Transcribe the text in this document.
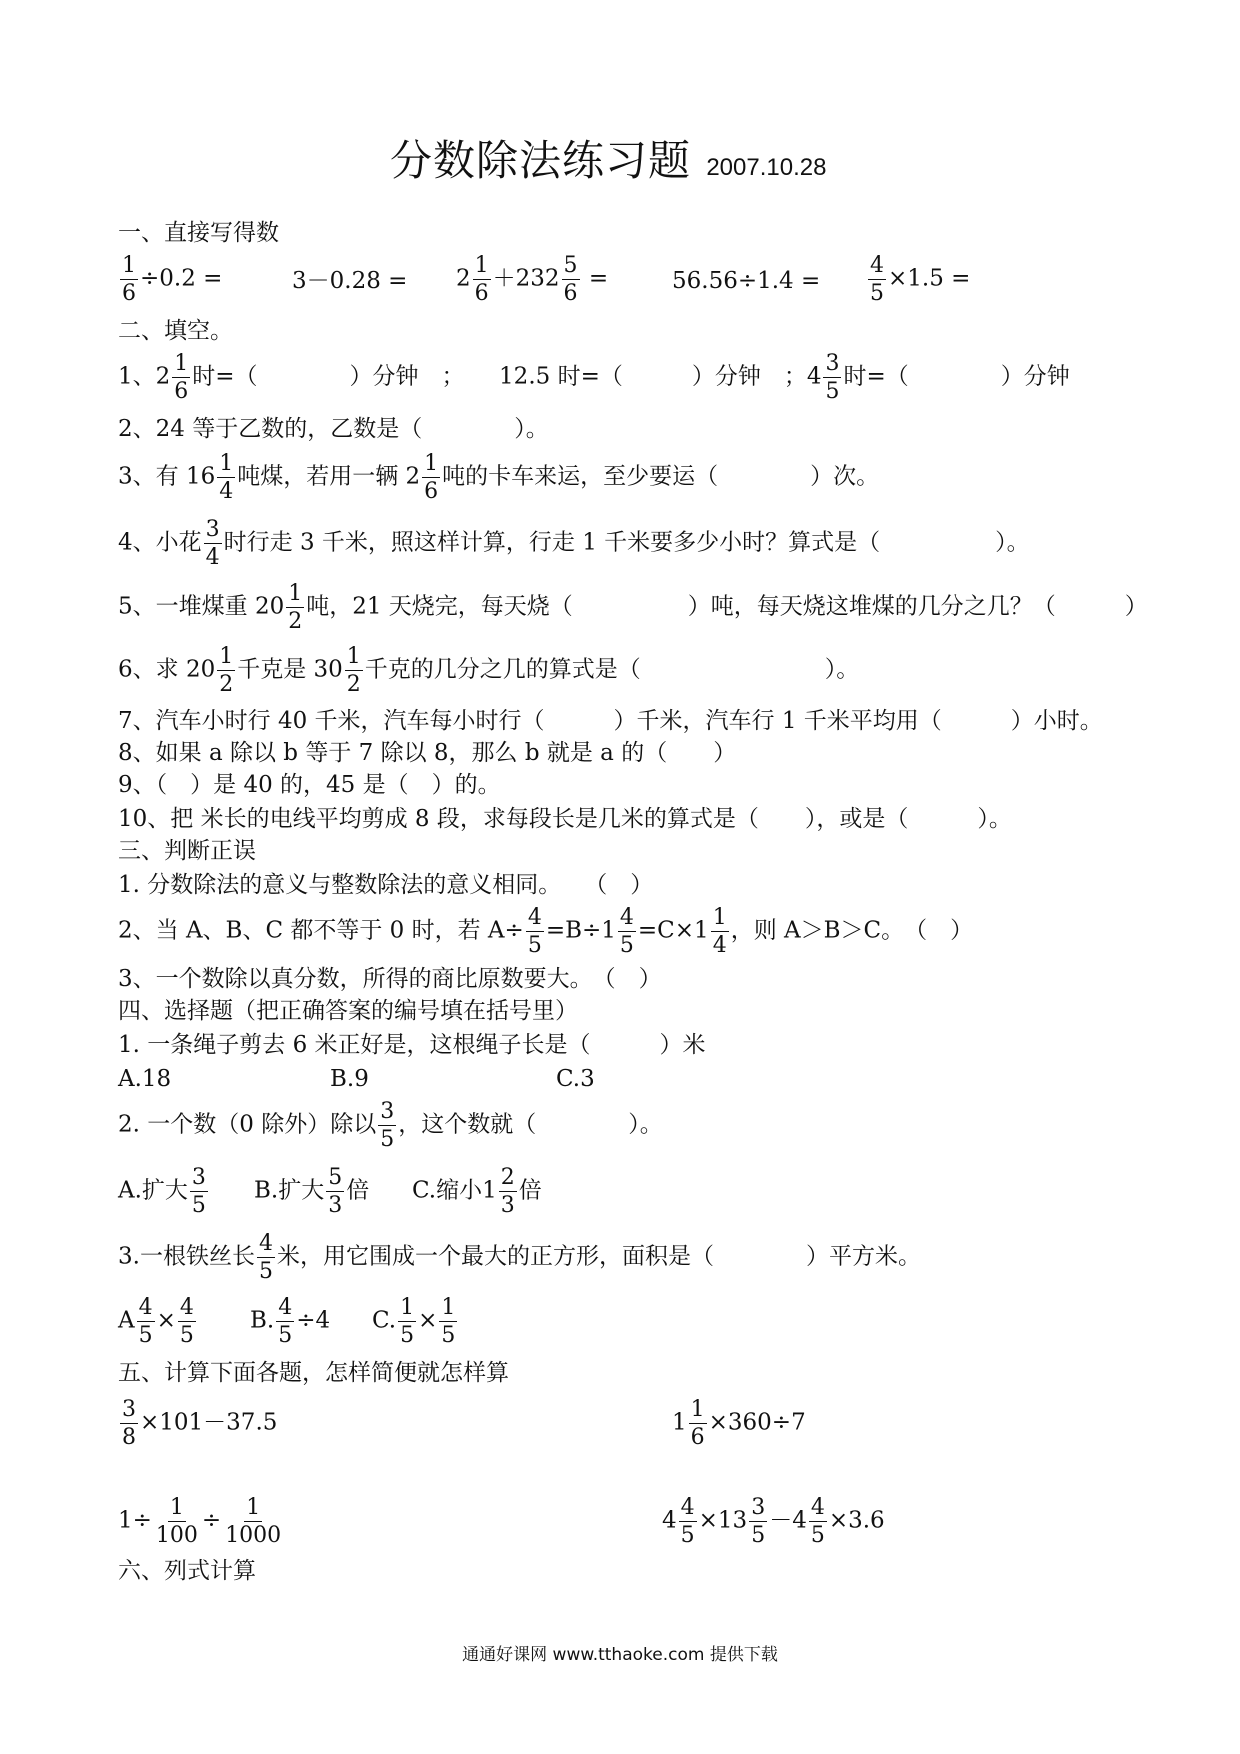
分数除法练习题 2007.10.28
一、直接写得数
$\frac{1}{6} \div 0.2$ =	$3-0.28 = 2 \frac{1}{6} +232 \frac{5}{6}$ =	$56.56\div 1.4 = \frac{4}{5} \times 1.5$ =
二、填空。
1、$2 \frac{1}{6}$ 时=（　　　　）分钟　；　　12.5 时=（　　　）分钟　；$4 \frac{3}{5}$ 时=（　　　　）分钟
2、24 等于乙数的，乙数是（　　　　）。
3、有 $16 \frac{1}{4}$ 吨煤，若用一辆 $2 \frac{1}{6}$ 吨的卡车来运，至少要运（　　　　）次。
4、小花 $\frac{3}{4}$ 时行走 3 千米，照这样计算，行走 1 千米要多少小时？算式是（　　　　　）。
5、一堆煤重 $20 \frac{1}{2}$ 吨，21 天烧完，每天烧（　　　　　）吨，每天烧这堆煤的几分之几？（　　　）
6、求 $20 \frac{1}{2}$ 千克是 $30 \frac{1}{2}$ 千克的几分之几的算式是（　　　　　　　　）。
7、汽车小时行 40 千米，汽车每小时行（　　　）千米，汽车行 1 千米平均用（　　　）小时。
8、如果 a 除以 b 等于 7 除以 8，那么 b 就是 a 的（　　）
9、（　）是 40 的，45 是（　）的。
10、把 米长的电线平均剪成 8 段，求每段长是几米的算式是（　　），或是（　　　）。
三、判断正误
1. 分数除法的意义与整数除法的意义相同。　　（　）
2、当 A、B、C 都不等于 0 时，若 $A\div \frac{4}{5} =B\div 1 \frac{4}{5} =C\times 1 \frac{1}{4}$ ，则 A＞B＞C。　（　）
3、一个数除以真分数，所得的商比原数要大。　（　）
四、选择题（把正确答案的编号填在括号里）
1. 一条绳子剪去 6 米正好是，这根绳子长是（　　　）米
A.18	B.9	C.3
2. 一个数（0 除外）除以 $\frac{3}{5}$ ，这个数就（　　　　）。
A.扩大 $\frac{3}{5} B$.扩大 $\frac{5}{3}$ 倍 C.缩小$1 \frac{2}{3}$ 倍
3.一根铁丝长 $\frac{4}{5}$ 米，用它围成一个最大的正方形，面积是（　　　　）平方米。
A $\frac{4}{5} \times \frac{4}{5} B$. $\frac{4}{5} \div 4$ C. $\frac{1}{5} \times \frac{1}{5}$
五、计算下面各题，怎样简便就怎样算
$\frac{3}{8} \times 101-37.5$	$1 \frac{1}{6} \times 360\div 7$
$1\div \frac{1}{100} \div \frac{1}{1000}$	$4 \frac{4}{5} \times 13 \frac{3}{5} -4 \frac{4}{5} \times 3.6$
六、列式计算
通通好课网 www.tthaoke.com 提供下载
